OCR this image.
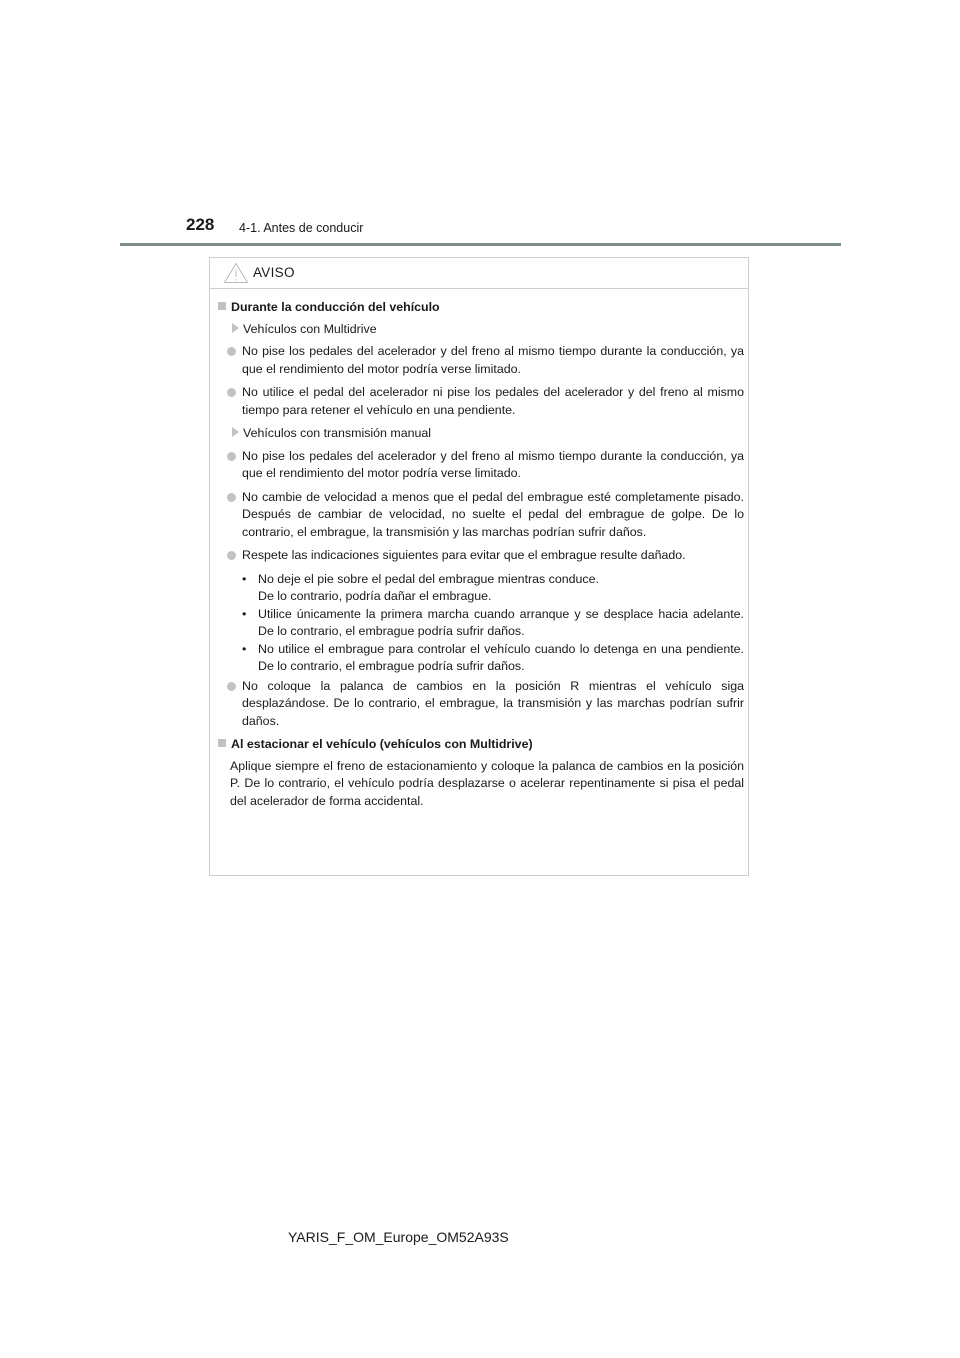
228 4-1. Antes de conducir
AVISO
Durante la conducción del vehículo
Vehículos con Multidrive
No pise los pedales del acelerador y del freno al mismo tiempo durante la conducción, ya que el rendimiento del motor podría verse limitado.
No utilice el pedal del acelerador ni pise los pedales del acelerador y del freno al mismo tiempo para retener el vehículo en una pendiente.
Vehículos con transmisión manual
No pise los pedales del acelerador y del freno al mismo tiempo durante la conducción, ya que el rendimiento del motor podría verse limitado.
No cambie de velocidad a menos que el pedal del embrague esté completamente pisado. Después de cambiar de velocidad, no suelte el pedal del embrague de golpe. De lo contrario, el embrague, la transmisión y las marchas podrían sufrir daños.
Respete las indicaciones siguientes para evitar que el embrague resulte dañado.
• No deje el pie sobre el pedal del embrague mientras conduce.
De lo contrario, podría dañar el embrague.
• Utilice únicamente la primera marcha cuando arranque y se desplace hacia adelante.
De lo contrario, el embrague podría sufrir daños.
• No utilice el embrague para controlar el vehículo cuando lo detenga en una pendiente.
De lo contrario, el embrague podría sufrir daños.
No coloque la palanca de cambios en la posición R mientras el vehículo siga desplazándose. De lo contrario, el embrague, la transmisión y las marchas podrían sufrir daños.
Al estacionar el vehículo (vehículos con Multidrive)
Aplique siempre el freno de estacionamiento y coloque la palanca de cambios en la posición P. De lo contrario, el vehículo podría desplazarse o acelerar repentinamente si pisa el pedal del acelerador de forma accidental.
YARIS_F_OM_Europe_OM52A93S
